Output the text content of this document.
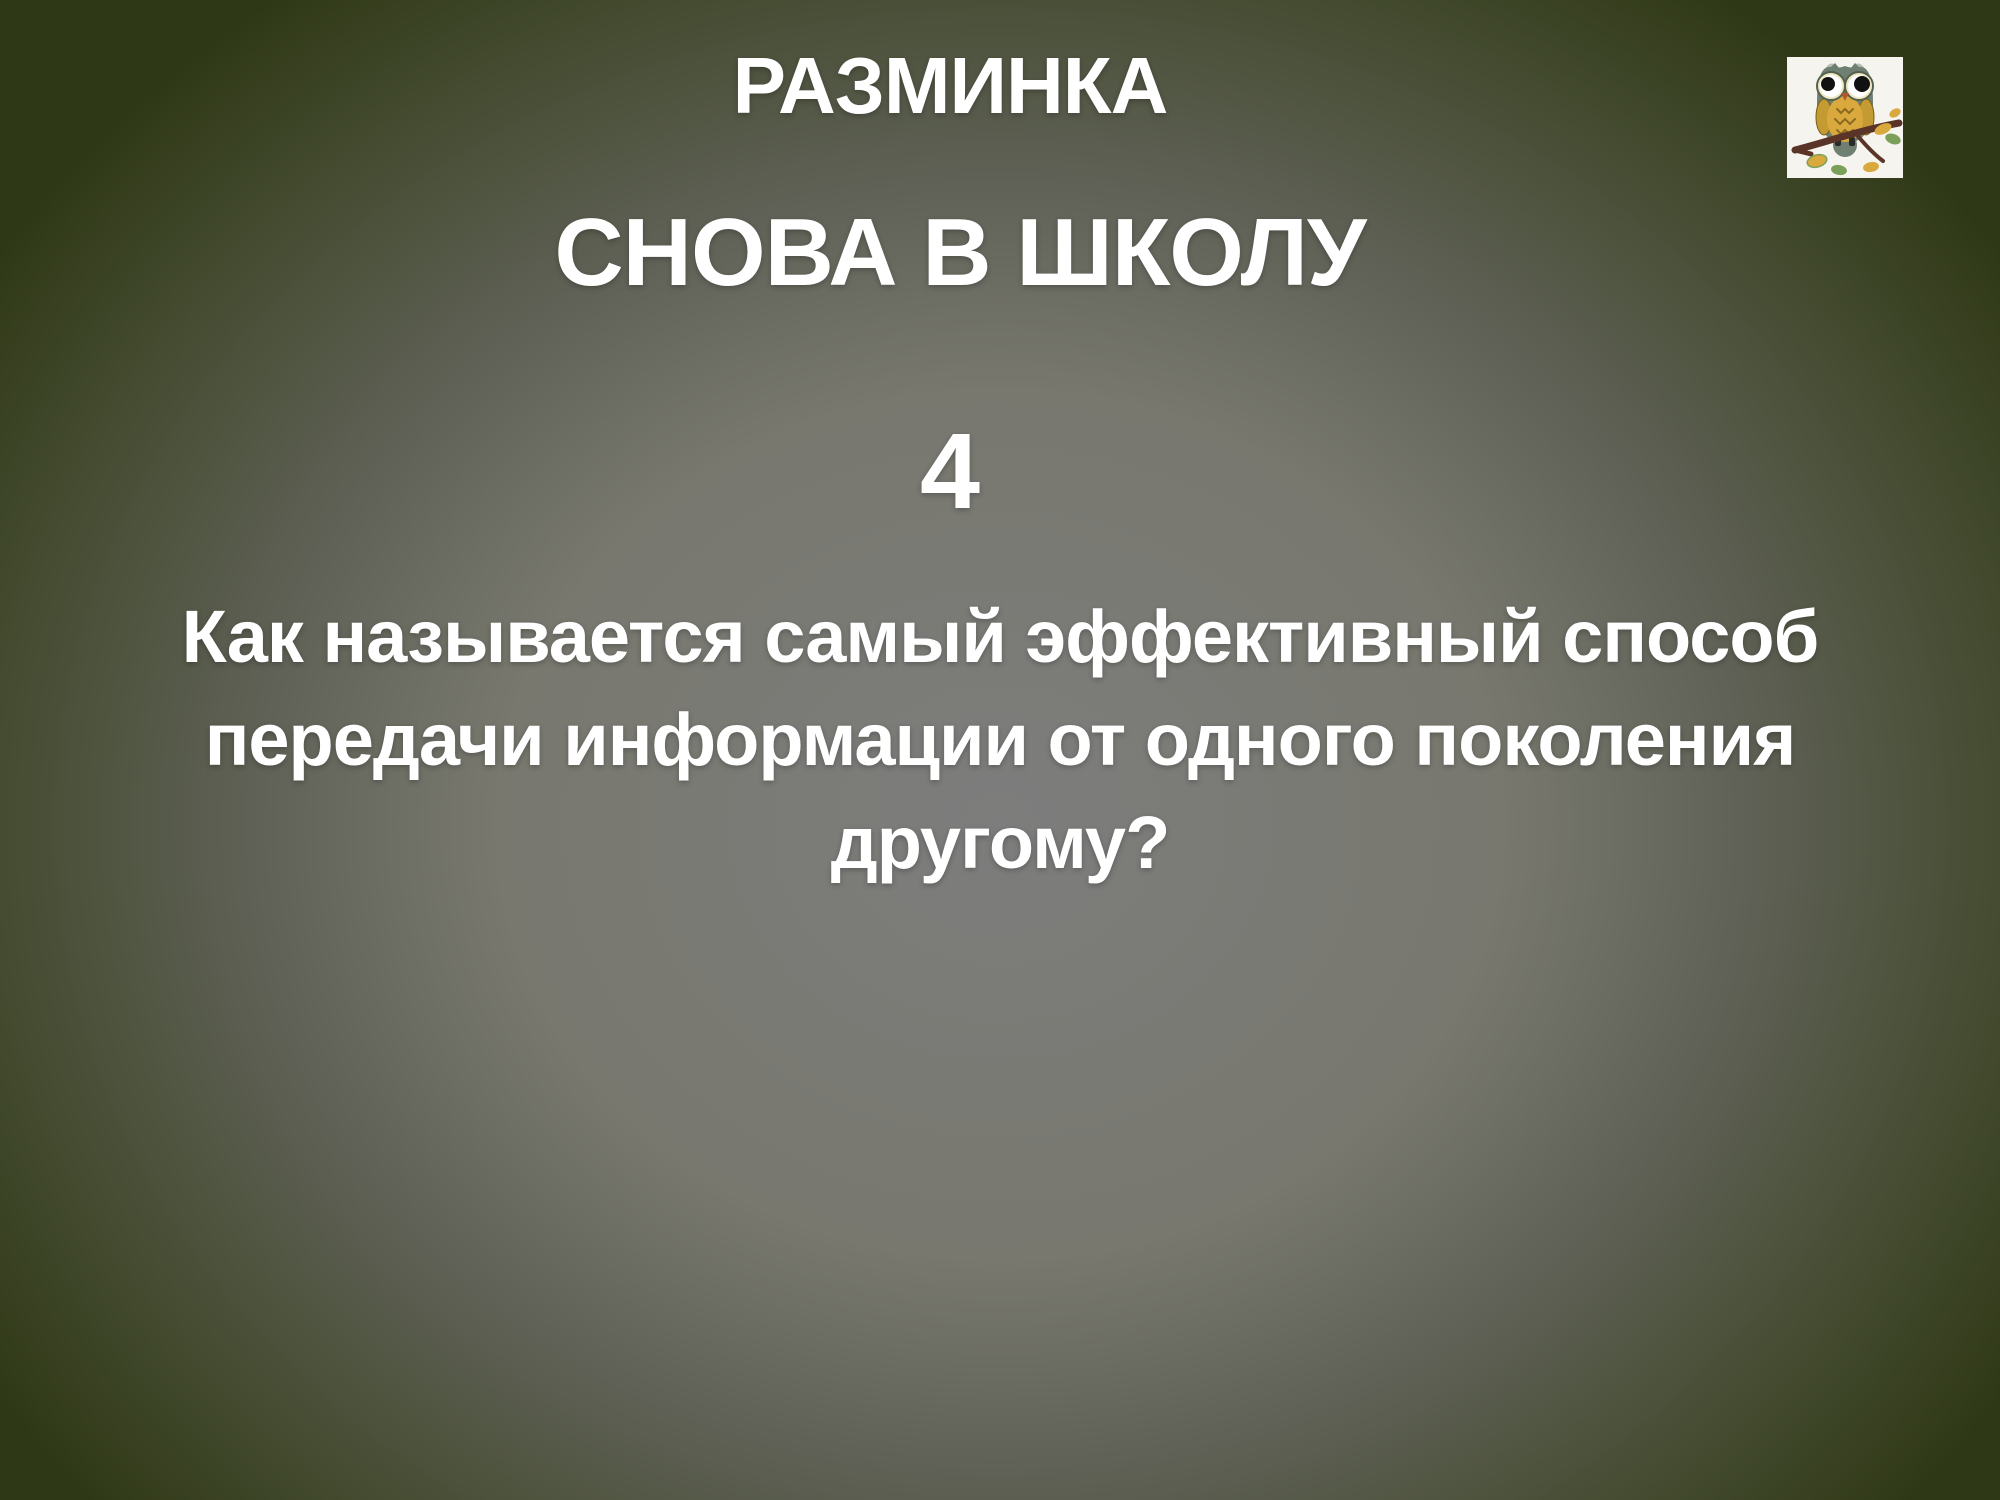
РАЗМИНКА
СНОВА В ШКОЛУ
4
Как называется самый эффективный способ
передачи информации от одного поколения
другому?
